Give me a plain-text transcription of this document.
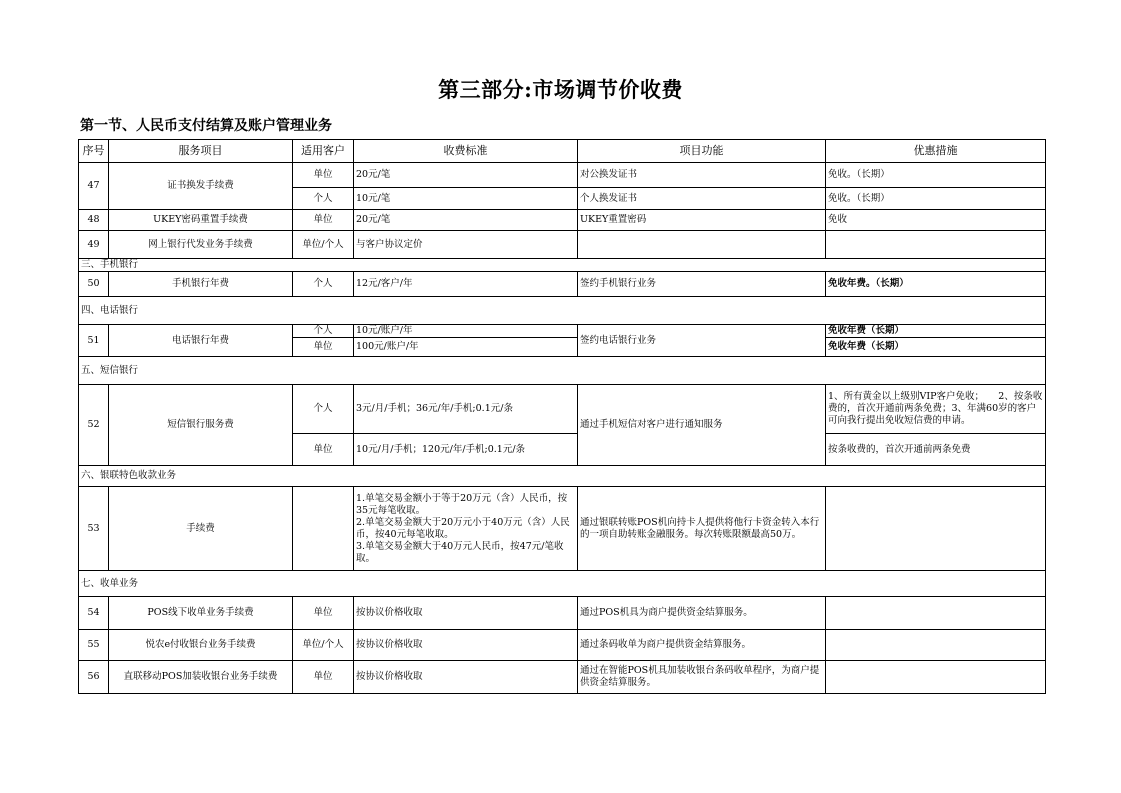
第三部分:市场调节价收费
第一节、人民币支付结算及账户管理业务
序号	服务项目	适用客户	收费标准	项目功能	优惠措施
47	证书换发手续费	单位	20元/笔	对公换发证书	免收。（长期）
		个人	10元/笔	个人换发证书	免收。（长期）
48	UKEY密码重置手续费	单位	20元/笔	UKEY重置密码	免收
49	网上银行代发业务手续费	单位/个人	与客户协议定价		
三、手机银行					
50	手机银行年费	个人	12元/客户/年	签约手机银行业务	免收年费。（长期）
四、电话银行					
51	电话银行年费	个人	10元/账户/年	签约电话银行业务	免收年费（长期）
		单位	100元/账户/年		免收年费（长期）
五、短信银行					
52	短信银行服务费	个人	3元/月/手机；36元/年/手机;0.1元/条	通过手机短信对客户进行通知服务	1、所有黄金以上级别VIP客户免收；　　2、按条收费的，首次开通前两条免费；3、年满60岁的客户可向我行提出免收短信费的申请。
		单位	10元/月/手机；120元/年/手机;0.1元/条		按条收费的，首次开通前两条免费
六、银联特色收款业务					
53	手续费		1.单笔交易金额小于等于20万元（含）人民币，按35元每笔收取。
2.单笔交易金额大于20万元小于40万元（含）人民币，按40元每笔收取。
3.单笔交易金额大于40万元人民币，按47元/笔收取。	通过银联转账POS机向持卡人提供将他行卡资金转入本行的一项自助转账金融服务。每次转账限额最高50万。	
七、收单业务					
54	POS线下收单业务手续费	单位	按协议价格收取	通过POS机具为商户提供资金结算服务。	
55	悦农e付收银台业务手续费	单位/个人	按协议价格收取	通过条码收单为商户提供资金结算服务。	
56	直联移动POS加装收银台业务手续费	单位	按协议价格收取	通过在智能POS机具加装收银台条码收单程序，为商户提供资金结算服务。	
